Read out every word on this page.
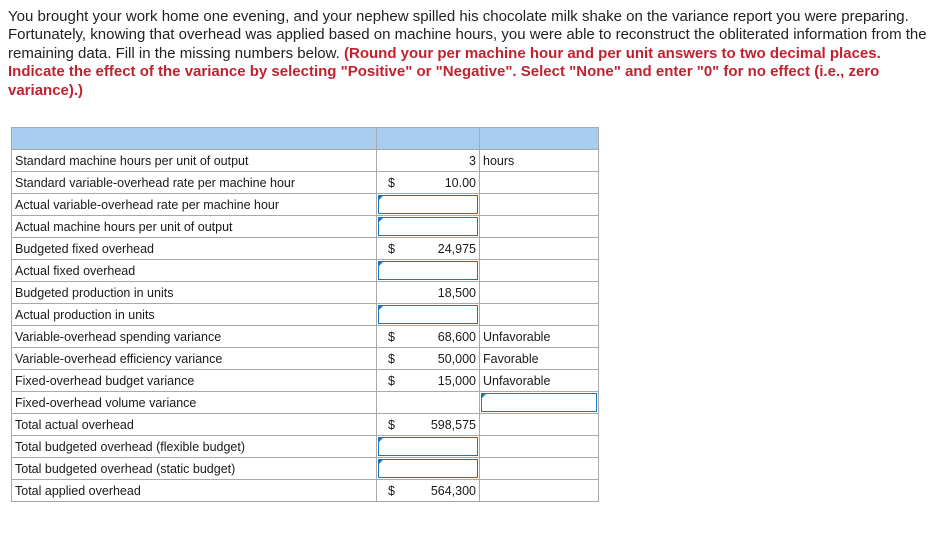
You brought your work home one evening, and your nephew spilled his chocolate milk shake on the variance report you were preparing. Fortunately, knowing that overhead was applied based on machine hours, you were able to reconstruct the obliterated information from the remaining data. Fill in the missing numbers below. (Round your per machine hour and per unit answers to two decimal places. Indicate the effect of the variance by selecting "Positive" or "Negative". Select "None" and enter "0" for no effect (i.e., zero variance).)

Standard machine hours per unit of output	3	hours
Standard variable-overhead rate per machine hour	$ 10.00	

Actual variable-overhead rate per machine hour	

Actual machine hours per unit of output	

Budgeted fixed overhead	$ 24,975	

Actual fixed overhead	

Budgeted production in units	18,500	
Actual production in units	

Variable-overhead spending variance	$ 68,600	Unfavorable
Variable-overhead efficiency variance	$ 50,000	Favorable
Fixed-overhead budget variance	$ 15,000	Unfavorable
Fixed-overhead volume variance		

Total actual overhead	$ 598,575	

Total budgeted overhead (flexible budget)	

Total budgeted overhead (static budget)	

Total applied overhead	$ 564,300	
